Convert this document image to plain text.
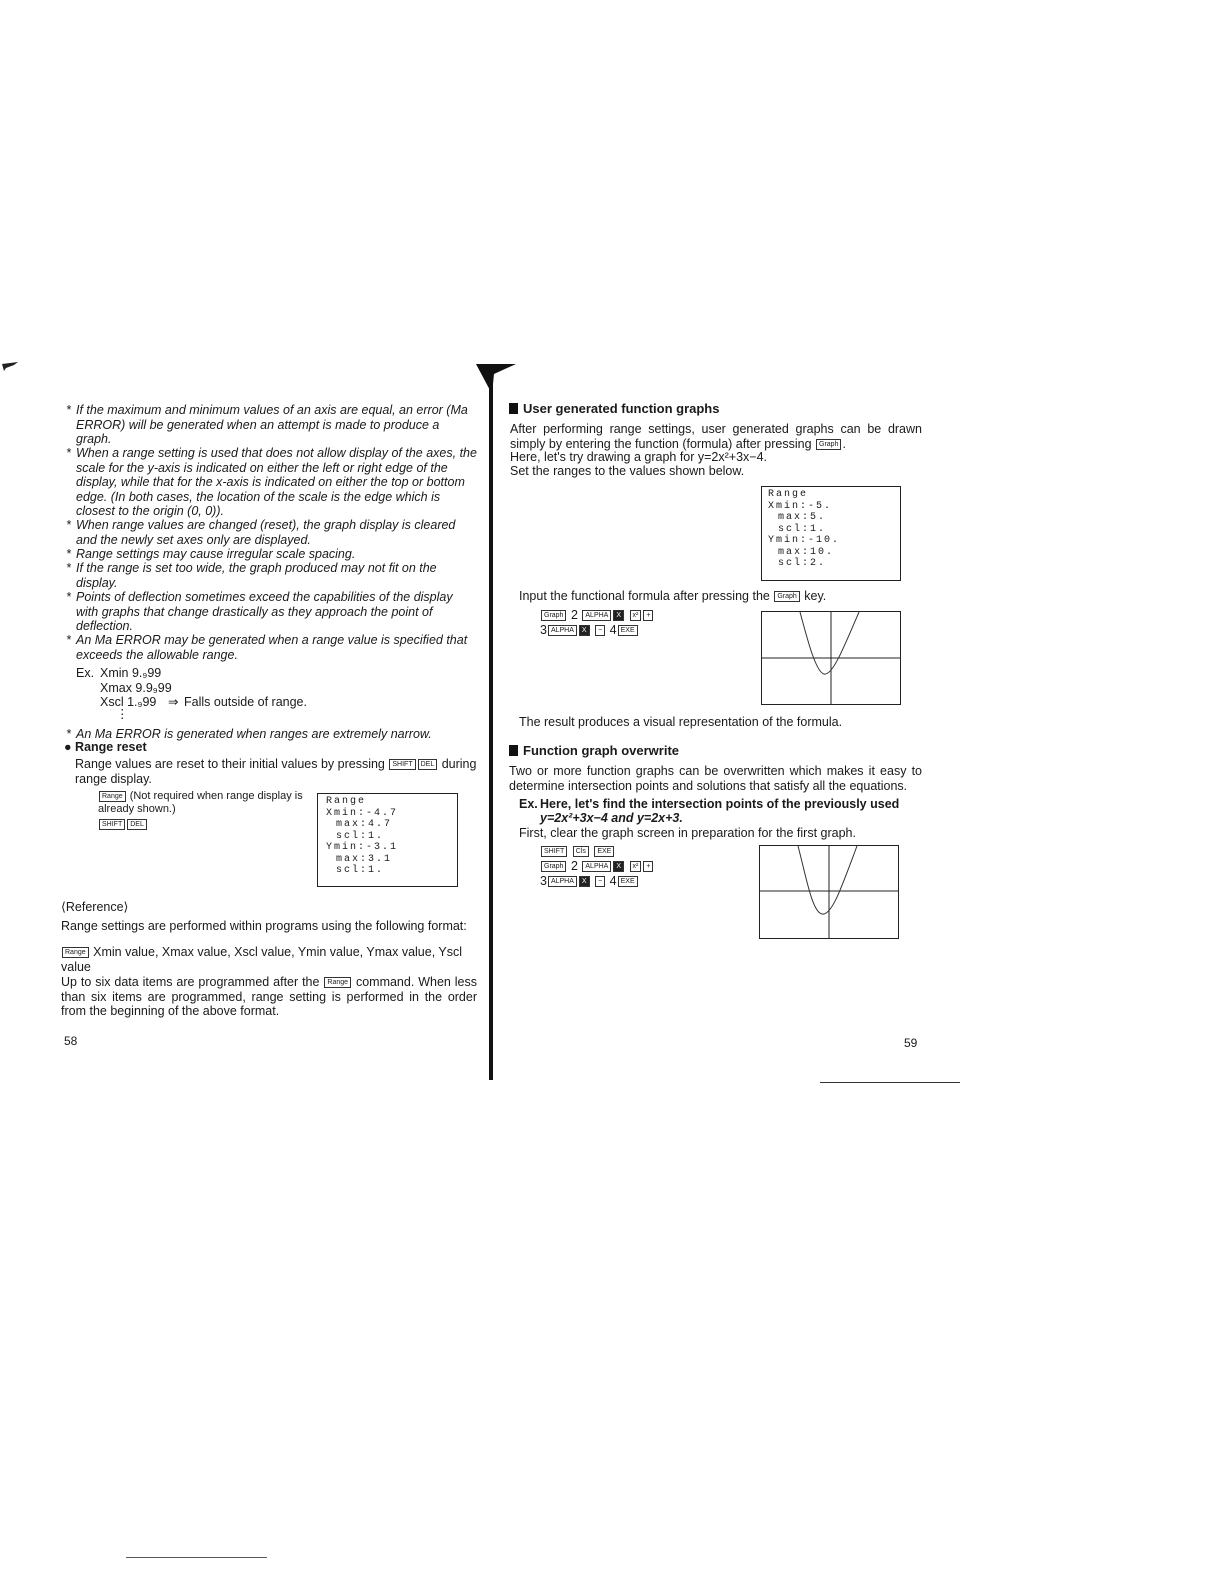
* If the maximum and minimum values of an axis are equal, an error (Ma ERROR) will be generated when an attempt is made to produce a graph.
* When a range setting is used that does not allow display of the axes, the scale for the y-axis is indicated on either the left or right edge of the display, while that for the x-axis is indicated on either the top or bottom edge. (In both cases, the location of the scale is the edge which is closest to the origin (0, 0)).
* When range values are changed (reset), the graph display is cleared and the newly set axes only are displayed.
* Range settings may cause irregular scale spacing.
* If the range is set too wide, the graph produced may not fit on the display.
* Points of deflection sometimes exceed the capabilities of the display with graphs that change drastically as they approach the point of deflection.
* An Ma ERROR may be generated when a range value is specified that exceeds the allowable range.
Ex. Xmin 9.₉99
Xmax 9.9₉99
Xscl 1.₉99 ⇒ Falls outside of range.
⋮
* An Ma ERROR is generated when ranges are extremely narrow.
● Range reset
Range values are reset to their initial values by pressing SHIFT DEL during range display.
Range (Not required when range display is already shown.)
SHIFT DEL
Range
Xmin:-4.7
max:4.7
scl:1.
Ymin:-3.1
max:3.1
scl:1.
⟨Reference⟩
Range settings are performed within programs using the following format:
Range Xmin value, Xmax value, Xscl value, Ymin value, Ymax value, Yscl value
Up to six data items are programmed after the Range command. When less than six items are programmed, range setting is performed in the order from the beginning of the above format.
58
User generated function graphs
After performing range settings, user generated graphs can be drawn simply by entering the function (formula) after pressing Graph .
Here, let's try drawing a graph for y=2x²+3x−4.
Set the ranges to the values shown below.
Range
Xmin:-5.
max:5.
scl:1.
Ymin:-10.
max:10.
scl:2.
Input the functional formula after pressing the Graph key.
Graph 2 ALPHA X x² +
3 ALPHA X − 4 EXE
The result produces a visual representation of the formula.
Function graph overwrite
Two or more function graphs can be overwritten which makes it easy to determine intersection points and solutions that satisfy all the equations.
Ex. Here, let's find the intersection points of the previously used
y=2x²+3x−4 and y=2x+3.
First, clear the graph screen in preparation for the first graph.
SHIFT Cls EXE
Graph 2 ALPHA X x² +
3 ALPHA X − 4 EXE
59
